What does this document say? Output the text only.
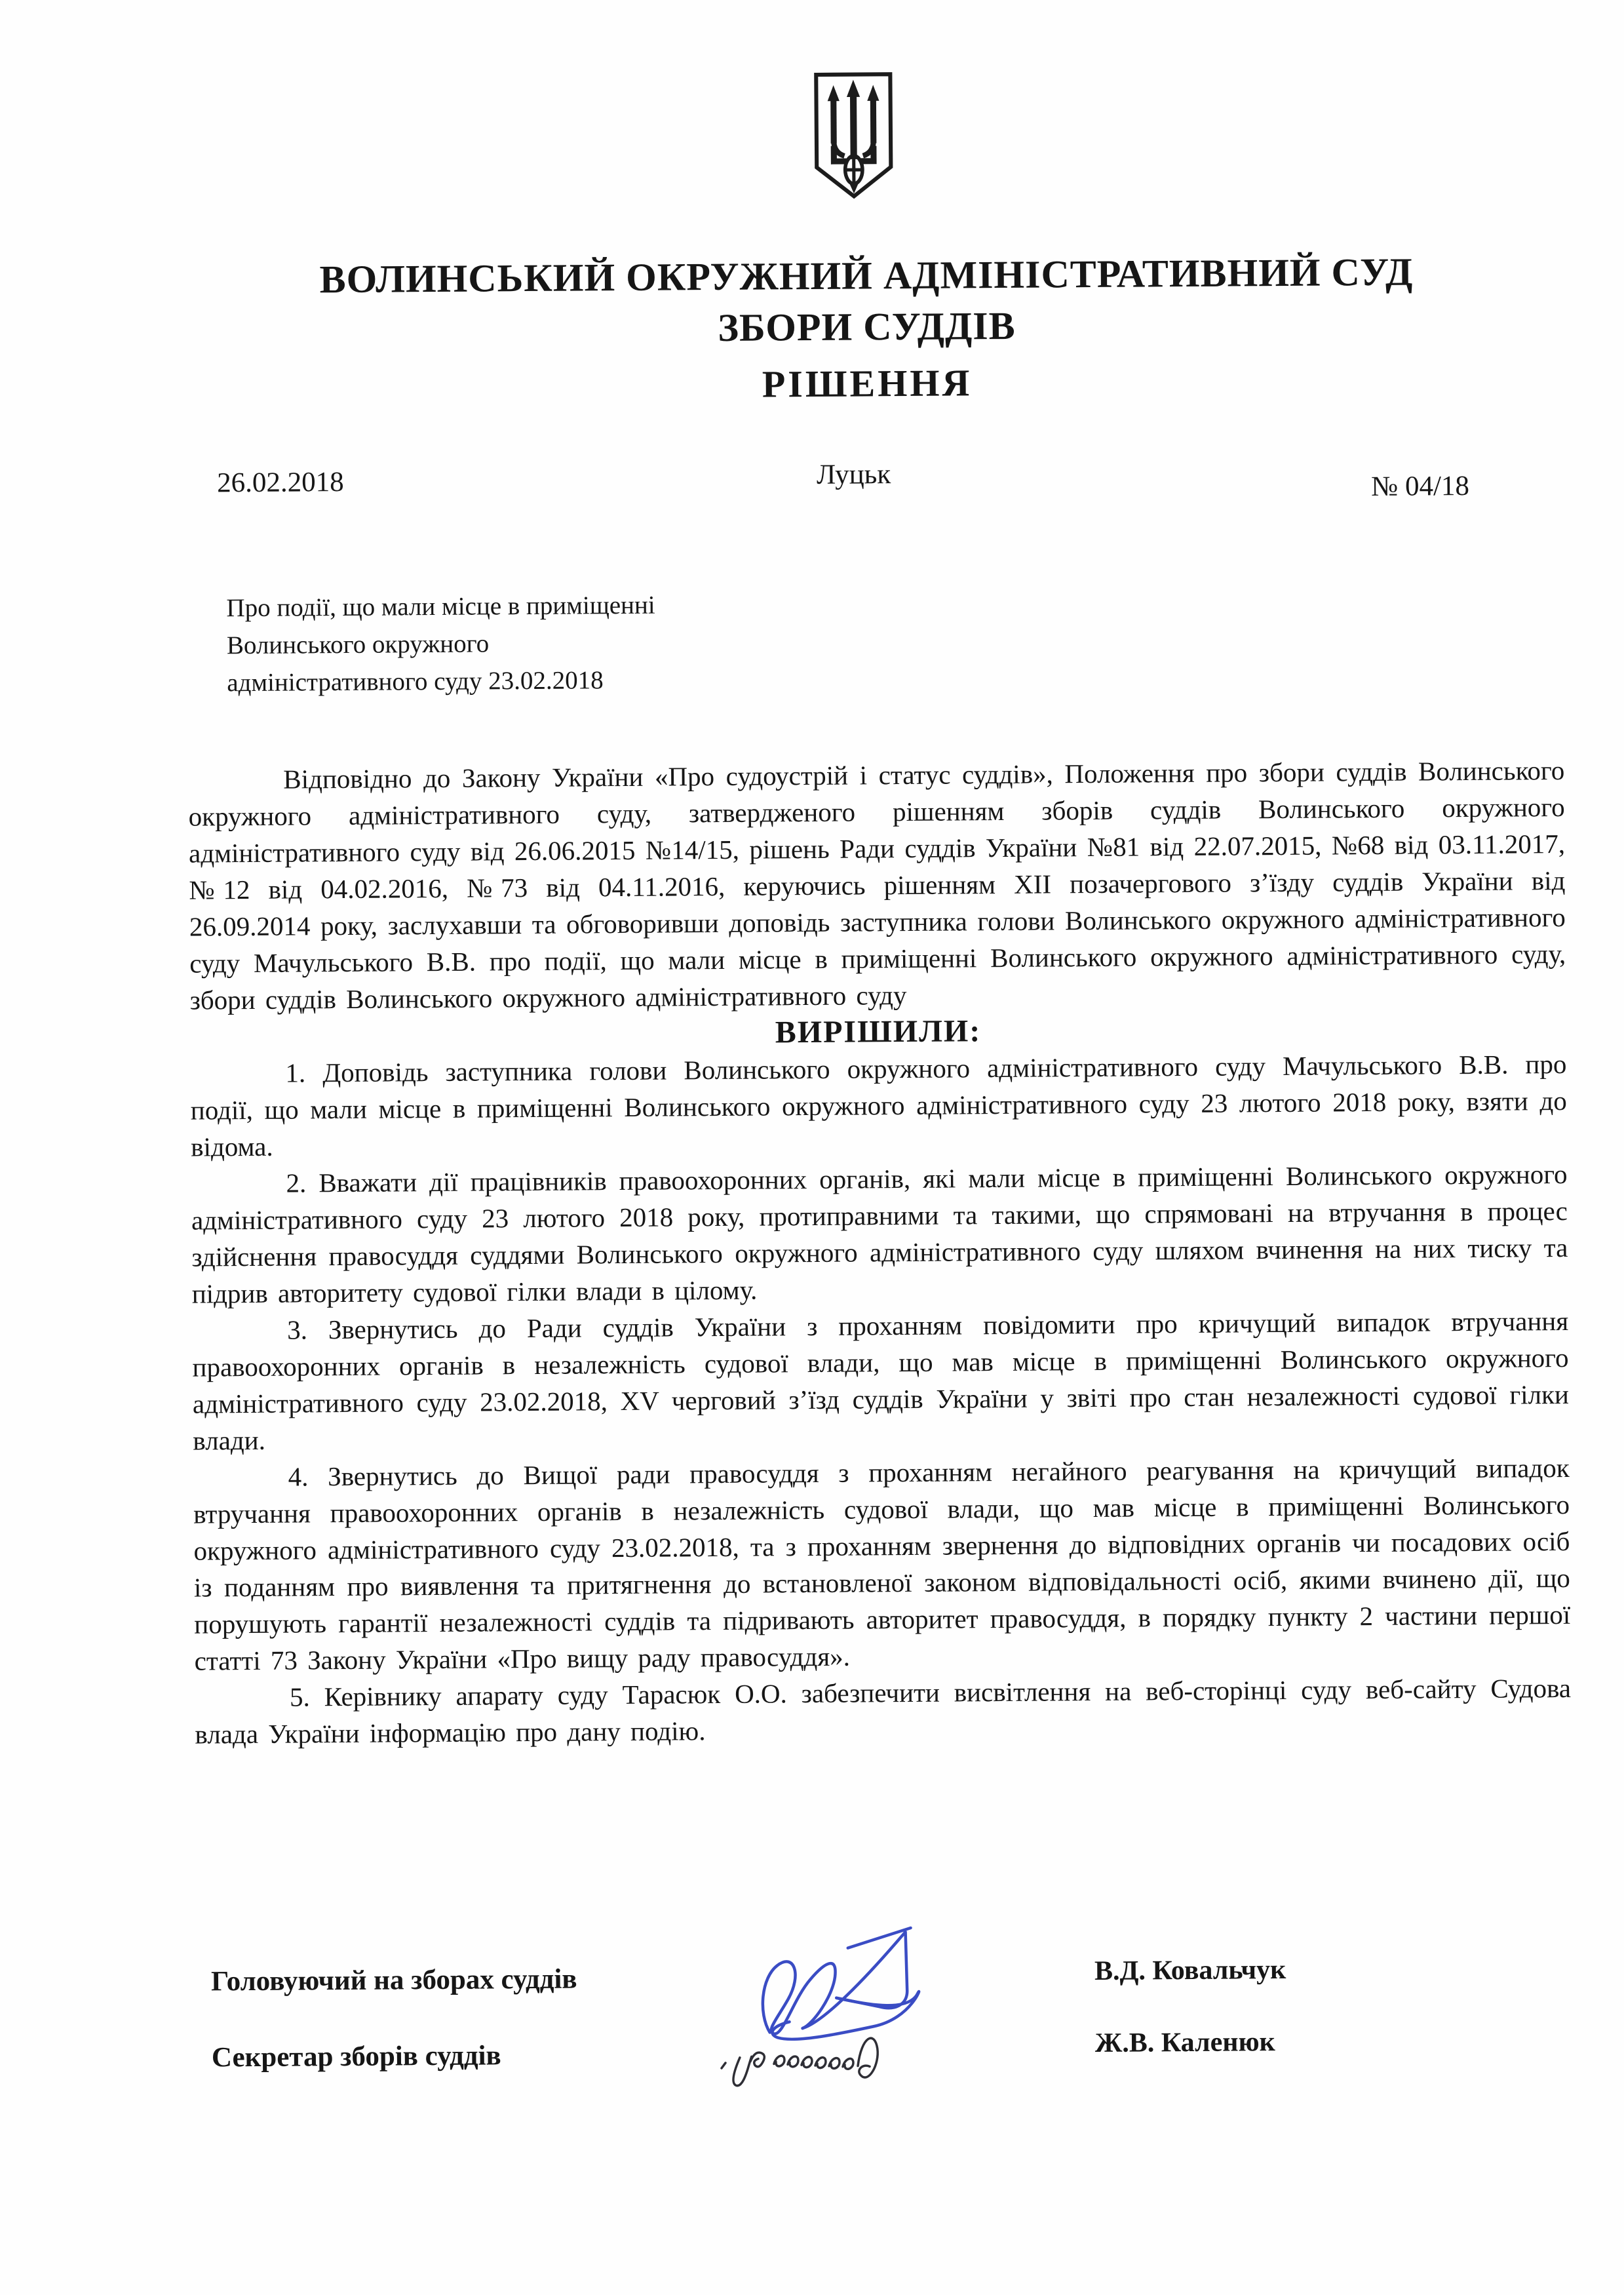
ВОЛИНСЬКИЙ ОКРУЖНИЙ АДМІНІСТРАТИВНИЙ СУД
ЗБОРИ СУДДІВ
РІШЕННЯ
26.02.2018	Луцьк	№ 04/18
Про події, що мали місце в приміщенні
Волинського окружного
адміністративного суду 23.02.2018

Відповідно до Закону України «Про судоустрій і статус суддів», Положення про збори суддів Волинського окружного адміністративного суду, затвердженого рішенням зборів суддів Волинського окружного адміністративного суду від 26.06.2015 №14/15, рішень Ради суддів України №81 від 22.07.2015, №68 від 03.11.2017, №12 від 04.02.2016, №73 від 04.11.2016, керуючись рішенням XII позачергового з’їзду суддів України від 26.09.2014 року, заслухавши та обговоривши доповідь заступника голови Волинського окружного адміністративного суду Мачульського В.В. про події, що мали місце в приміщенні Волинського окружного адміністративного суду, збори суддів Волинського окружного адміністративного суду

ВИРІШИЛИ:

1. Доповідь заступника голови Волинського окружного адміністративного суду Мачульського В.В. про події, що мали місце в приміщенні Волинського окружного адміністративного суду 23 лютого 2018 року, взяти до відома.

2. Вважати дії працівників правоохоронних органів, які мали місце в приміщенні Волинського окружного адміністративного суду 23 лютого 2018 року, протиправними та такими, що спрямовані на втручання в процес здійснення правосуддя суддями Волинського окружного адміністративного суду шляхом вчинення на них тиску та підрив авторитету судової гілки влади в цілому.

3. Звернутись до Ради суддів України з проханням повідомити про кричущий випадок втручання правоохоронних органів в незалежність судової влади, що мав місце в приміщенні Волинського окружного адміністративного суду 23.02.2018, XV черговий з’їзд суддів України у звіті про стан незалежності судової гілки влади.

4. Звернутись до Вищої ради правосуддя з проханням негайного реагування на кричущий випадок втручання правоохоронних органів в незалежність судової влади, що мав місце в приміщенні Волинського окружного адміністративного суду 23.02.2018, та з проханням звернення до відповідних органів чи посадових осіб із поданням про виявлення та притягнення до встановленої законом відповідальності осіб, якими вчинено дії, що порушують гарантії незалежності суддів та підривають авторитет правосуддя, в порядку пункту 2 частини першої статті 73 Закону України «Про вищу раду правосуддя».

5. Керівнику апарату суду Тарасюк О.О. забезпечити висвітлення на веб-сторінці суду веб-сайту Судова влада України інформацію про дану подію.

Головуючий на зборах суддів	В.Д. Ковальчук
Секретар зборів суддів	Ж.В. Каленюк
